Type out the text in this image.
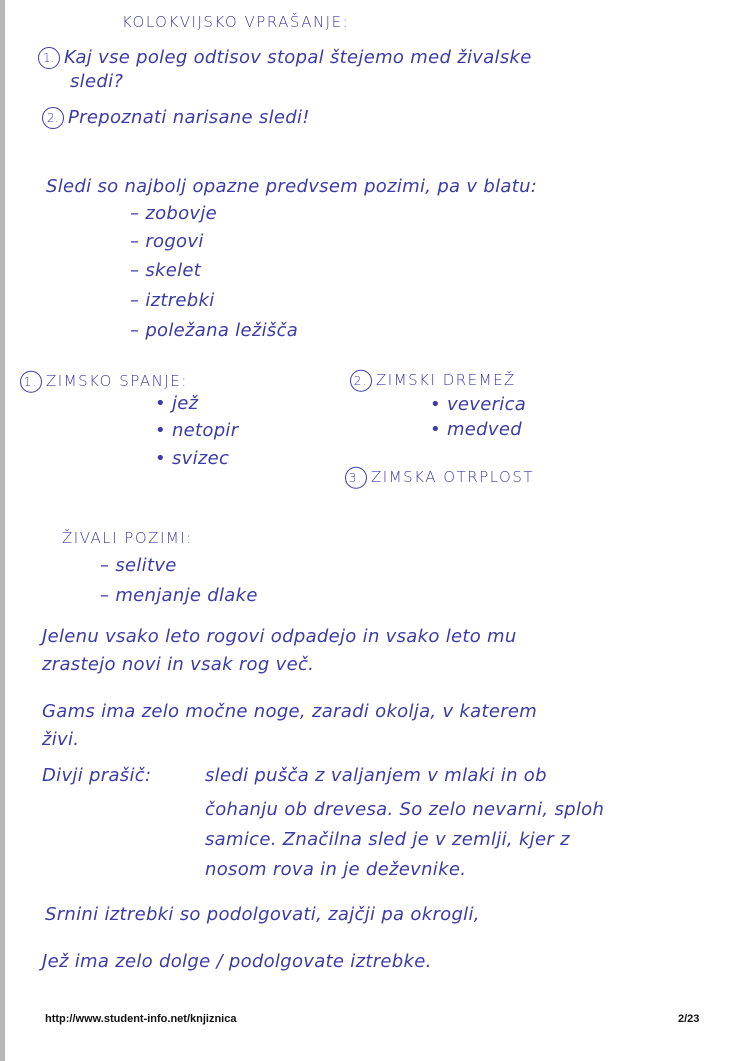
KOLOKVIJSKO VPRAŠANJE:
1. Kaj vse poleg odtisov stopal štejemo med živalske
sledi?
2. Prepoznati narisane sledi!
Sledi so najbolj opazne predvsem pozimi, pa v blatu:
– zobovje
– rogovi
– skelet
– iztrebki
– poležana ležišča
1. ZIMSKO SPANJE:
• jež
• netopir
• svizec
2. ZIMSKI DREMEŽ
• veverica
• medved
3. ZIMSKA OTRPLOST
ŽIVALI POZIMI:
– selitve
– menjanje dlake
Jelenu vsako leto rogovi odpadejo in vsako leto mu
zrastejo novi in vsak rog več.
Gams ima zelo močne noge, zaradi okolja, v katerem
živi.
Divji prašič:	sledi pušča z valjanjem v mlaki in ob
čohanju ob drevesa. So zelo nevarni, sploh
samice. Značilna sled je v zemlji, kjer z
nosom rova in je deževnike.
Srnini iztrebki so podolgovati, zajčji pa okrogli,
Jež ima zelo dolge / podolgovate iztrebke.
http://www.student-info.net/knjiznica	2/23
